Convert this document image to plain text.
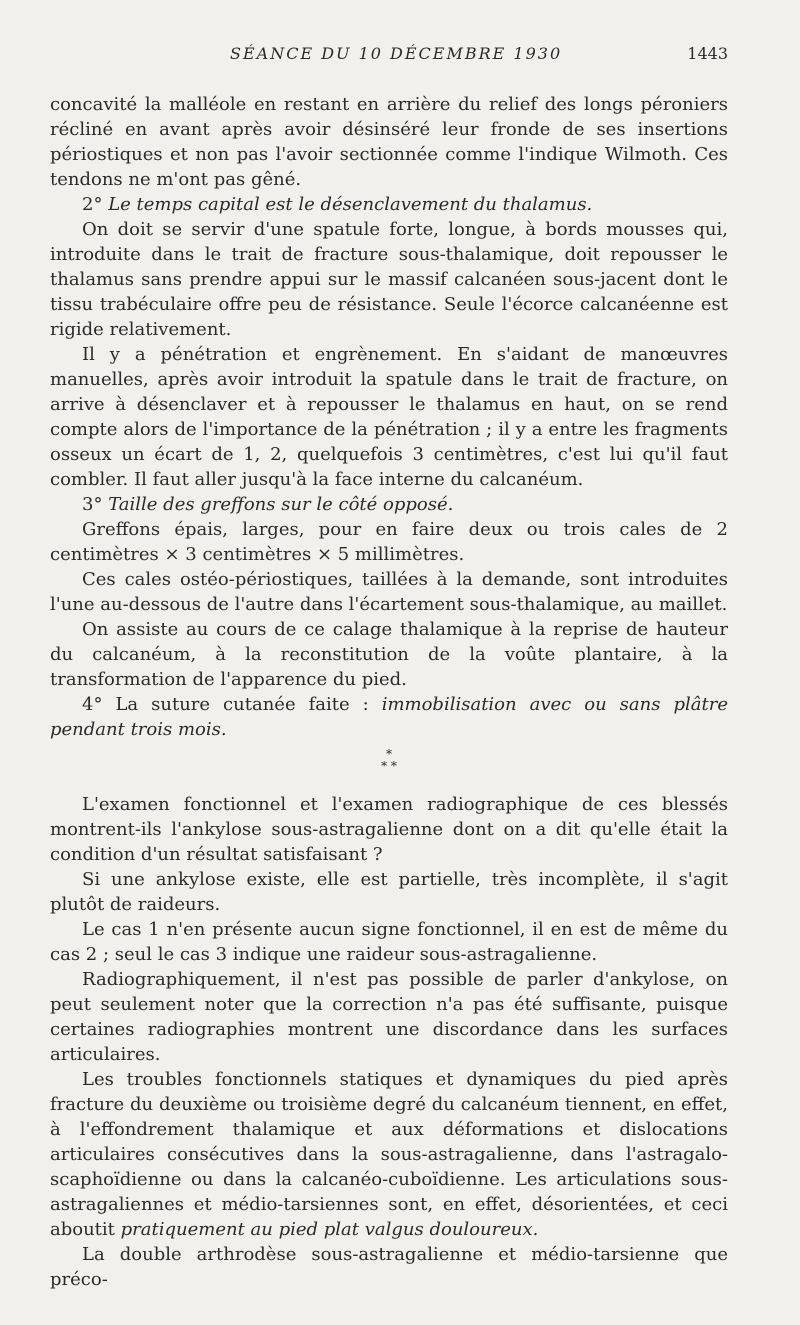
SÉANCE DU 10 DÉCEMBRE 1930	1443

concavité la malléole en restant en arrière du relief des longs péroniers récliné en avant après avoir désinséré leur fronde de ses insertions périostiques et non pas l'avoir sectionnée comme l'indique Wilmoth. Ces tendons ne m'ont pas gêné.

2° Le temps capital est le désenclavement du thalamus.

On doit se servir d'une spatule forte, longue, à bords mousses qui, introduite dans le trait de fracture sous-thalamique, doit repousser le thalamus sans prendre appui sur le massif calcanéen sous-jacent dont le tissu trabéculaire offre peu de résistance. Seule l'écorce calcanéenne est rigide relativement.

Il y a pénétration et engrènement. En s'aidant de manœuvres manuelles, après avoir introduit la spatule dans le trait de fracture, on arrive à désenclaver et à repousser le thalamus en haut, on se rend compte alors de l'importance de la pénétration ; il y a entre les fragments osseux un écart de 1, 2, quelquefois 3 centimètres, c'est lui qu'il faut combler. Il faut aller jusqu'à la face interne du calcanéum.

3° Taille des greffons sur le côté opposé.

Greffons épais, larges, pour en faire deux ou trois cales de 2 centimètres × 3 centimètres × 5 millimètres.

Ces cales ostéo-périostiques, taillées à la demande, sont introduites l'une au-dessous de l'autre dans l'écartement sous-thalamique, au maillet.

On assiste au cours de ce calage thalamique à la reprise de hauteur du calcanéum, à la reconstitution de la voûte plantaire, à la transformation de l'apparence du pied.

4° La suture cutanée faite : immobilisation avec ou sans plâtre pendant trois mois.

*
* *

L'examen fonctionnel et l'examen radiographique de ces blessés montrent-ils l'ankylose sous-astragalienne dont on a dit qu'elle était la condition d'un résultat satisfaisant ?

Si une ankylose existe, elle est partielle, très incomplète, il s'agit plutôt de raideurs.

Le cas 1 n'en présente aucun signe fonctionnel, il en est de même du cas 2 ; seul le cas 3 indique une raideur sous-astragalienne.

Radiographiquement, il n'est pas possible de parler d'ankylose, on peut seulement noter que la correction n'a pas été suffisante, puisque certaines radiographies montrent une discordance dans les surfaces articulaires.

Les troubles fonctionnels statiques et dynamiques du pied après fracture du deuxième ou troisième degré du calcanéum tiennent, en effet, à l'effondrement thalamique et aux déformations et dislocations articulaires consécutives dans la sous-astragalienne, dans l'astragalo-scaphoïdienne ou dans la calcanéo-cuboïdienne. Les articulations sous-astragaliennes et médio-tarsiennes sont, en effet, désorientées, et ceci aboutit pratiquement au pied plat valgus douloureux.

La double arthrodèse sous-astragalienne et médio-tarsienne que préco-
